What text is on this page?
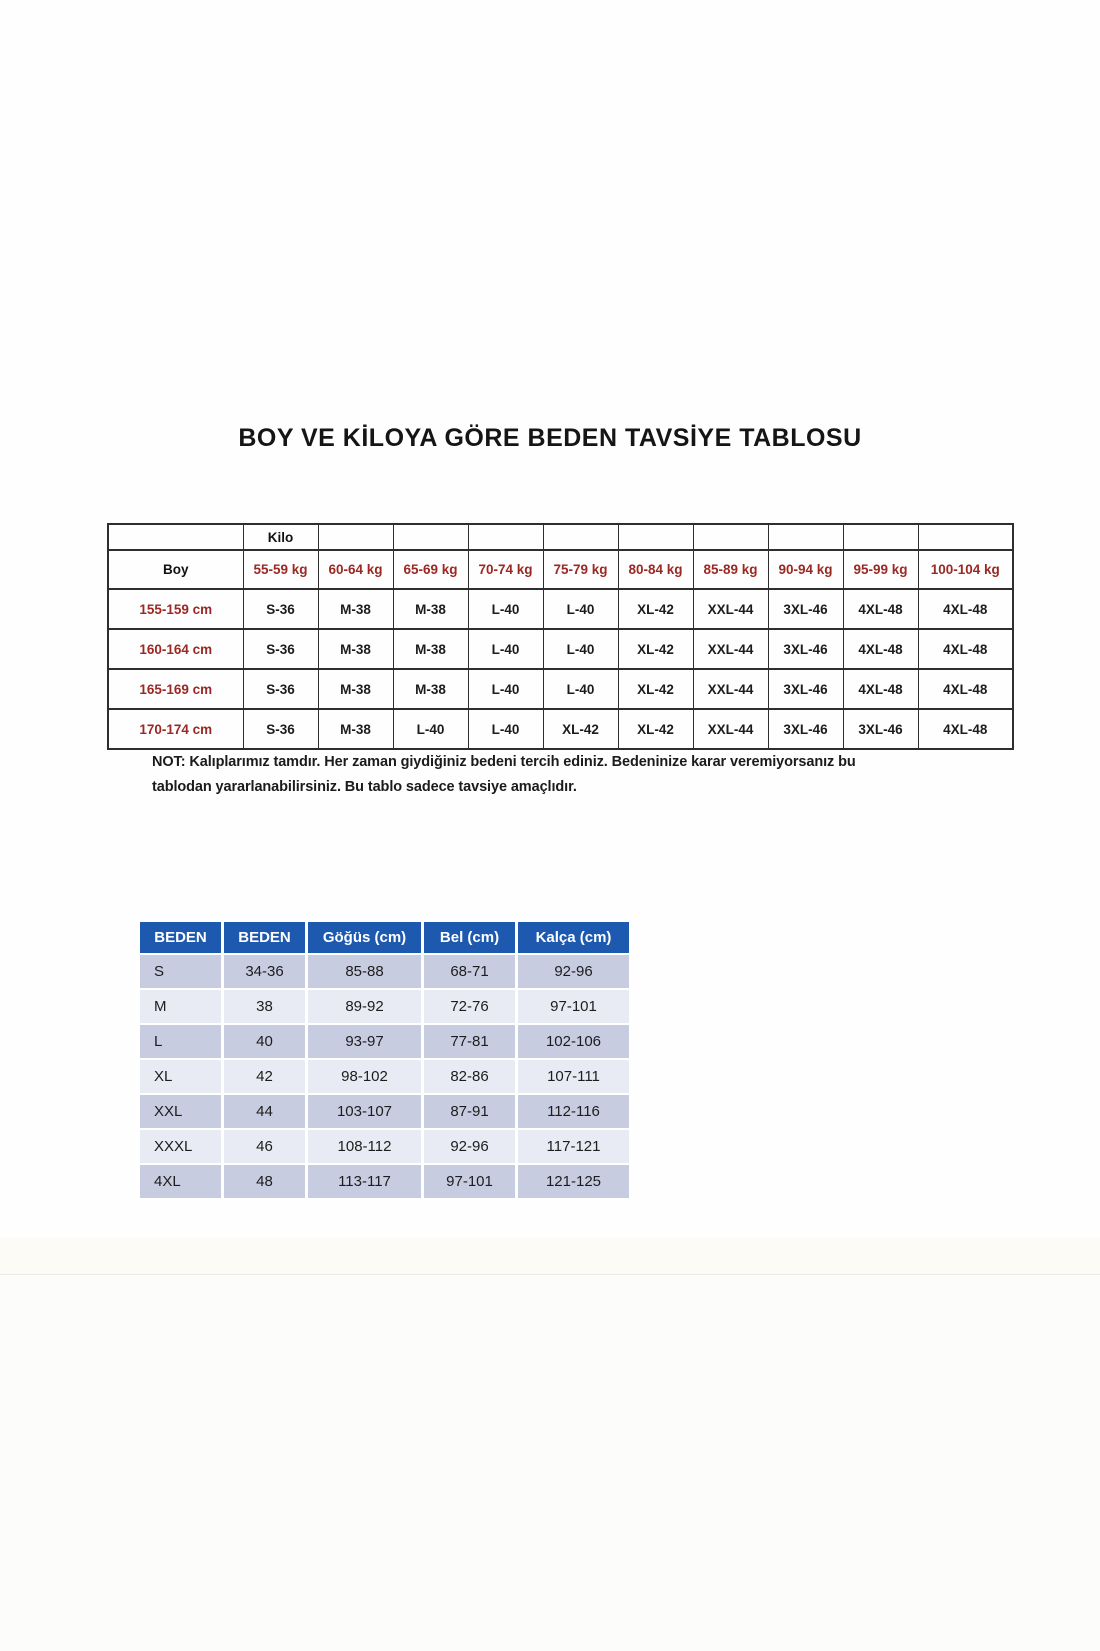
BOY VE KİLOYA GÖRE BEDEN TAVSİYE TABLOSU
	Kilo									
Boy	55-59 kg	60-64 kg	65-69 kg	70-74 kg	75-79 kg	80-84 kg	85-89 kg	90-94 kg	95-99 kg	100-104 kg
155-159 cm	S-36	M-38	M-38	L-40	L-40	XL-42	XXL-44	3XL-46	4XL-48	4XL-48
160-164 cm	S-36	M-38	M-38	L-40	L-40	XL-42	XXL-44	3XL-46	4XL-48	4XL-48
165-169 cm	S-36	M-38	M-38	L-40	L-40	XL-42	XXL-44	3XL-46	4XL-48	4XL-48
170-174 cm	S-36	M-38	L-40	L-40	XL-42	XL-42	XXL-44	3XL-46	3XL-46	4XL-48

NOT: Kalıplarımız tamdır. Her zaman giydiğiniz bedeni tercih ediniz. Bedeninize karar veremiyorsanız bu tablodan yararlanabilirsiniz. Bu tablo sadece tavsiye amaçlıdır.

BEDEN	BEDEN	Göğüs (cm)	Bel (cm)	Kalça (cm)
S	34-36	85-88	68-71	92-96
M	38	89-92	72-76	97-101
L	40	93-97	77-81	102-106
XL	42	98-102	82-86	107-111
XXL	44	103-107	87-91	112-116
XXXL	46	108-112	92-96	117-121
4XL	48	113-117	97-101	121-125
